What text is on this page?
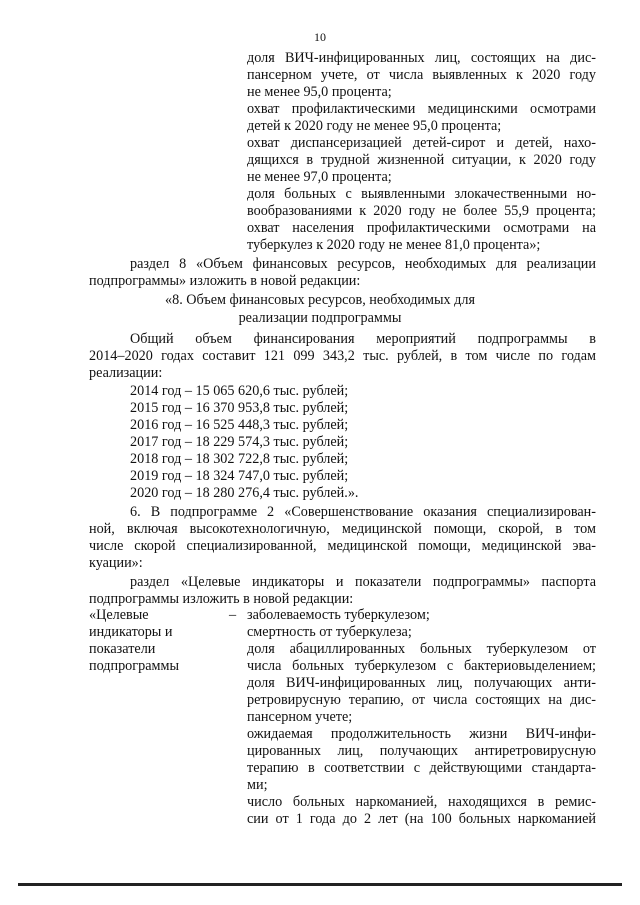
10
доля ВИЧ-инфицированных лиц, состоящих на дис-
пансерном учете, от числа выявленных к 2020 году
не менее 95,0 процента;
охват профилактическими медицинскими осмотрами
детей к 2020 году не менее 95,0 процента;
охват диспансеризацией детей-сирот и детей, нахо-
дящихся в трудной жизненной ситуации, к 2020 году
не менее 97,0 процента;
доля больных с выявленными злокачественными но-
вообразованиями к 2020 году не более 55,9 процента;
охват населения профилактическими осмотрами на
туберкулез к 2020 году не менее 81,0 процента»;
раздел 8 «Объем финансовых ресурсов, необходимых для реализации
подпрограммы» изложить в новой редакции:
«8. Объем финансовых ресурсов, необходимых для
реализации подпрограммы
Общий объем финансирования мероприятий подпрограммы в
2014–2020 годах составит 121 099 343,2 тыс. рублей, в том числе по годам
реализации:
2014 год – 15 065 620,6 тыс. рублей;
2015 год – 16 370 953,8 тыс. рублей;
2016 год – 16 525 448,3 тыс. рублей;
2017 год – 18 229 574,3 тыс. рублей;
2018 год – 18 302 722,8 тыс. рублей;
2019 год – 18 324 747,0 тыс. рублей;
2020 год – 18 280 276,4 тыс. рублей.».
6. В подпрограмме 2 «Совершенствование оказания специализирован-
ной, включая высокотехнологичную, медицинской помощи, скорой, в том
числе скорой специализированной, медицинской помощи, медицинской эва-
куации»:
раздел «Целевые индикаторы и показатели подпрограммы» паспорта
подпрограммы изложить в новой редакции:
«Целевые
индикаторы и
показатели
подпрограммы
– заболеваемость туберкулезом;
смертность от туберкулеза;
доля абациллированных больных туберкулезом от
числа больных туберкулезом с бактериовыделением;
доля ВИЧ-инфицированных лиц, получающих анти-
ретровирусную терапию, от числа состоящих на дис-
пансерном учете;
ожидаемая продолжительность жизни ВИЧ-инфи-
цированных лиц, получающих антиретровирусную
терапию в соответствии с действующими стандарта-
ми;
число больных наркоманией, находящихся в ремис-
сии от 1 года до 2 лет (на 100 больных наркоманией
